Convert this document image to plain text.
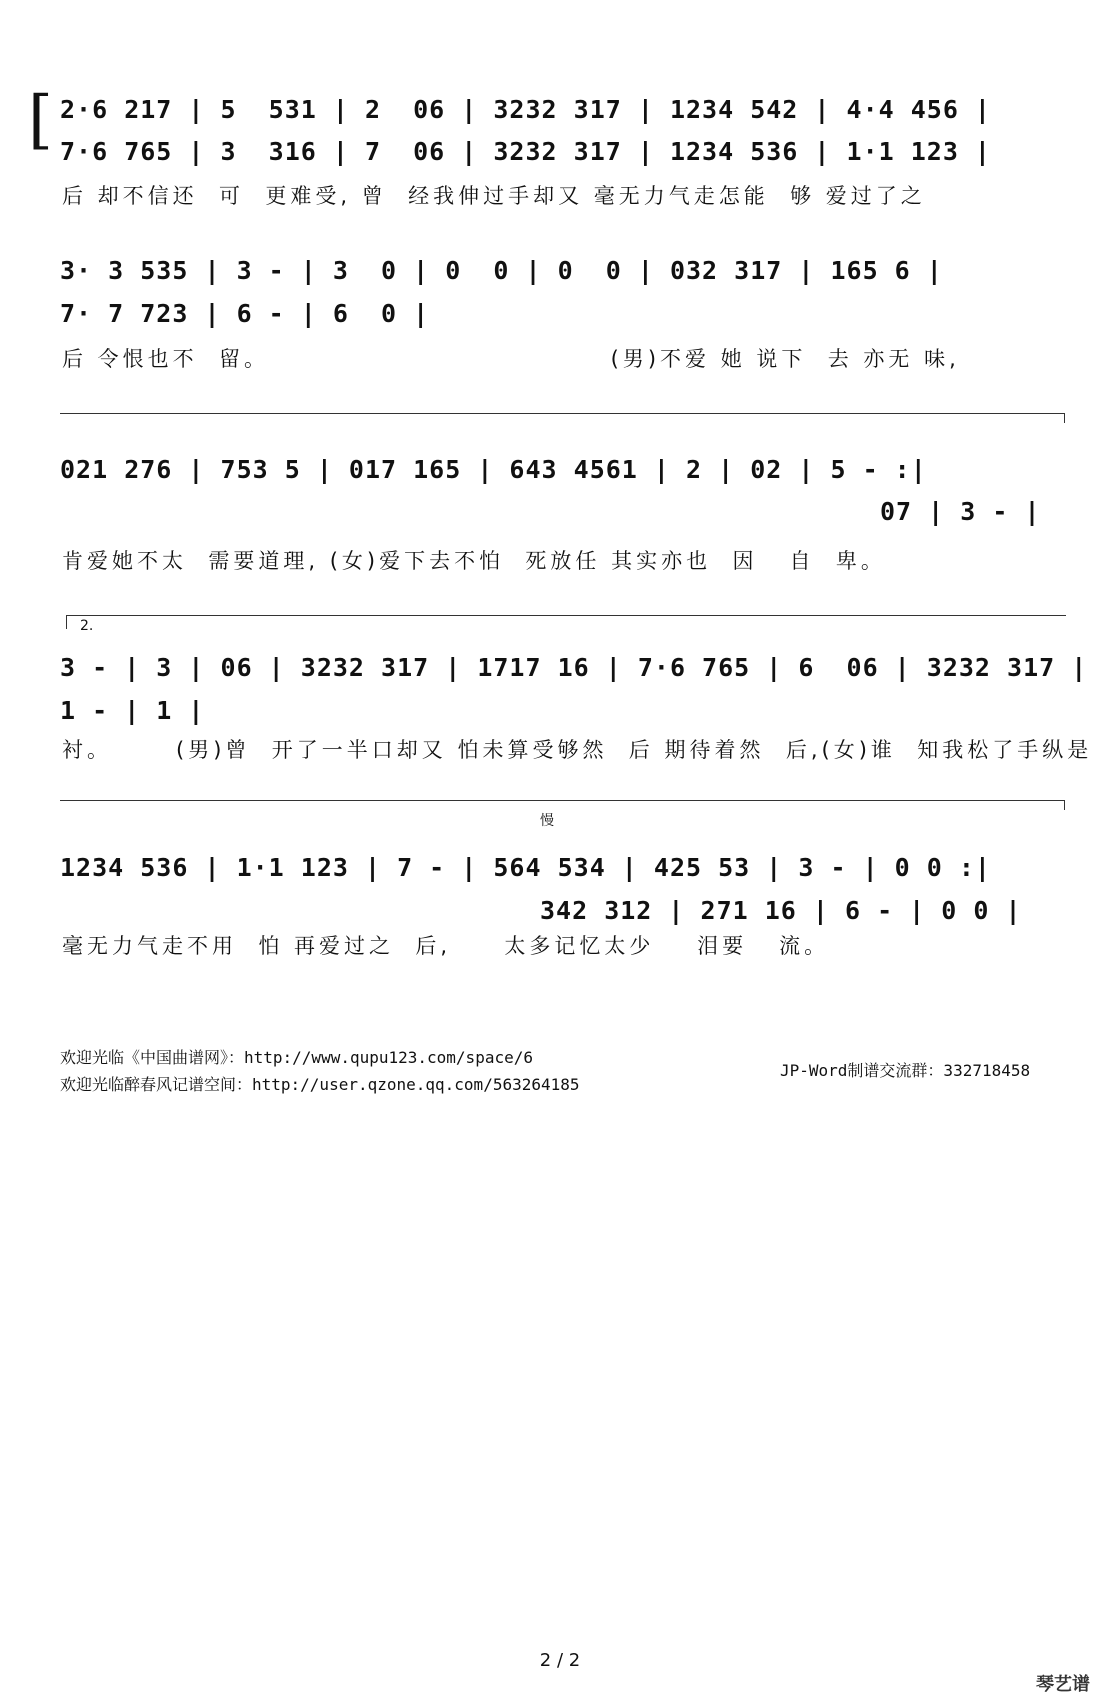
[ 2·6 217 | 5  531 | 2  06 | 3232 317 | 1234 542 | 4·4 456 |
7·6 765 | 3  316 | 7  06 | 3232 317 | 1234 536 | 1·1 123 |
后 却不信还  可  更难受, 曾  经我伸过手却又 毫无力气走怎能  够 爱过了之
3· 3 535 | 3 - | 3  0 | 0  0 | 0  0 | 032 317 | 165 6 |
7· 7 723 | 6 - | 6  0 |
后 令恨也不  留。                                (男)不爱 她 说下  去 亦无 味,
021 276 | 753 5 | 017 165 | 643 4561 | 2 | 02 | 5 - :|
07 | 3 - |
肯爱她不太  需要道理, (女)爱下去不怕  死放任 其实亦也  因   自  卑。
2.
3 - | 3 | 06 | 3232 317 | 1717 16 | 7·6 765 | 6  06 | 3232 317 |
1 - | 1 |
衬。      (男)曾  开了一半口却又 怕未算受够然  后 期待着然  后,(女)谁  知我松了手纵是
慢
1234 536 | 1·1 123 | 7 - | 564 534 | 425 53 | 3 - | 0 0 :|
342 312 | 271 16 | 6 - | 0 0 |
毫无力气走不用  怕 再爱过之  后,     太多记忆太少    泪要   流。
欢迎光临《中国曲谱网》：http://www.qupu123.com/space/6
欢迎光临醉春风记谱空间：http://user.qzone.qq.com/563264185
JP-Word制谱交流群：332718458
2 / 2
琴艺谱
